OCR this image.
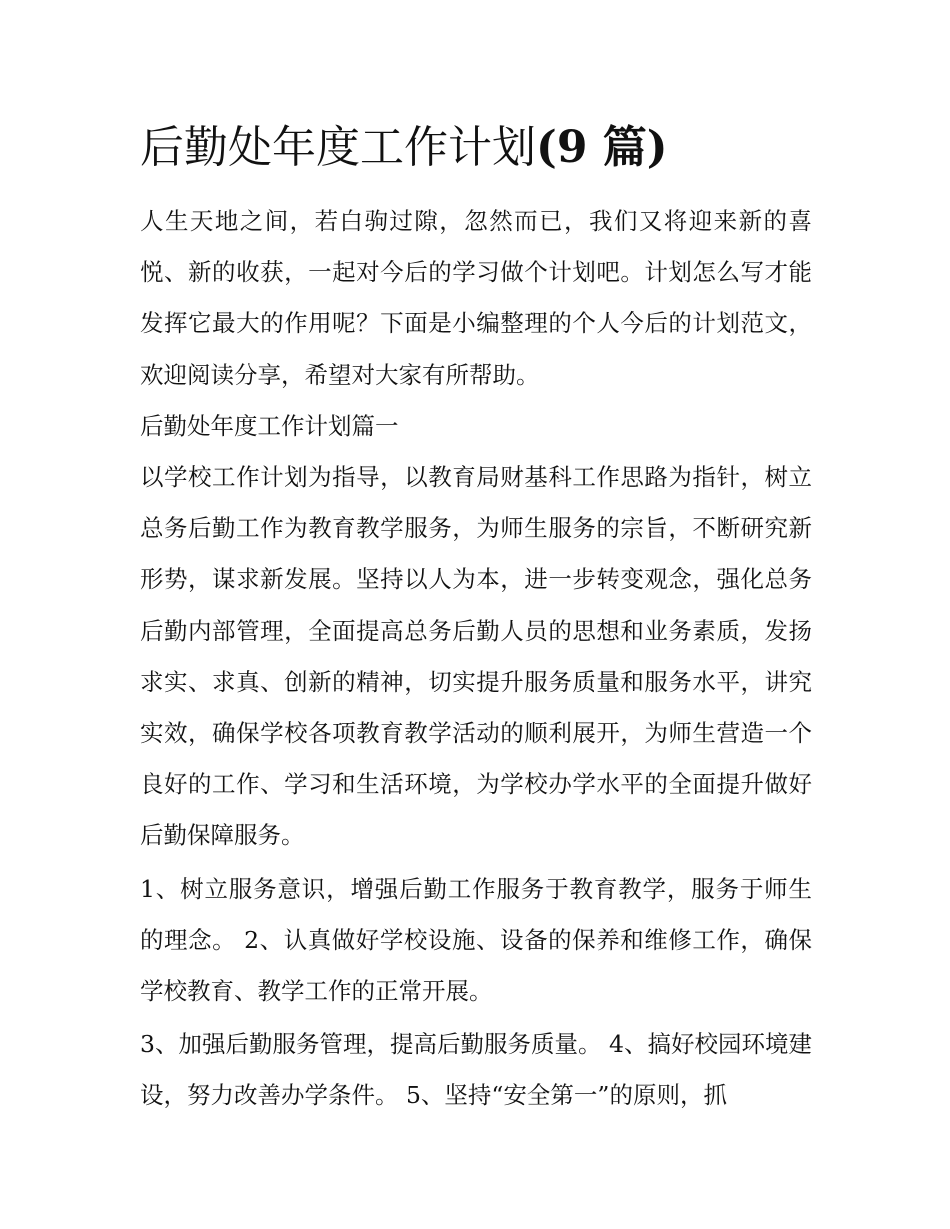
后勤处年度工作计划(9 篇)

人生天地之间，若白驹过隙，忽然而已，我们又将迎来新的喜悦、新的收获，一起对今后的学习做个计划吧。计划怎么写才能发挥它最大的作用呢？下面是小编整理的个人今后的计划范文，欢迎阅读分享，希望对大家有所帮助。

后勤处年度工作计划篇一

以学校工作计划为指导，以教育局财基科工作思路为指针，树立总务后勤工作为教育教学服务，为师生服务的宗旨，不断研究新形势，谋求新发展。坚持以人为本，进一步转变观念，强化总务后勤内部管理，全面提高总务后勤人员的思想和业务素质，发扬求实、求真、创新的精神，切实提升服务质量和服务水平，讲究实效，确保学校各项教育教学活动的顺利展开，为师生营造一个良好的工作、学习和生活环境，为学校办学水平的全面提升做好后勤保障服务。

1、树立服务意识，增强后勤工作服务于教育教学，服务于师生的理念。 2、认真做好学校设施、设备的保养和维修工作，确保学校教育、教学工作的正常开展。

3、加强后勤服务管理，提高后勤服务质量。 4、搞好校园环境建设，努力改善办学条件。 5、坚持“安全第一”的原则，抓
